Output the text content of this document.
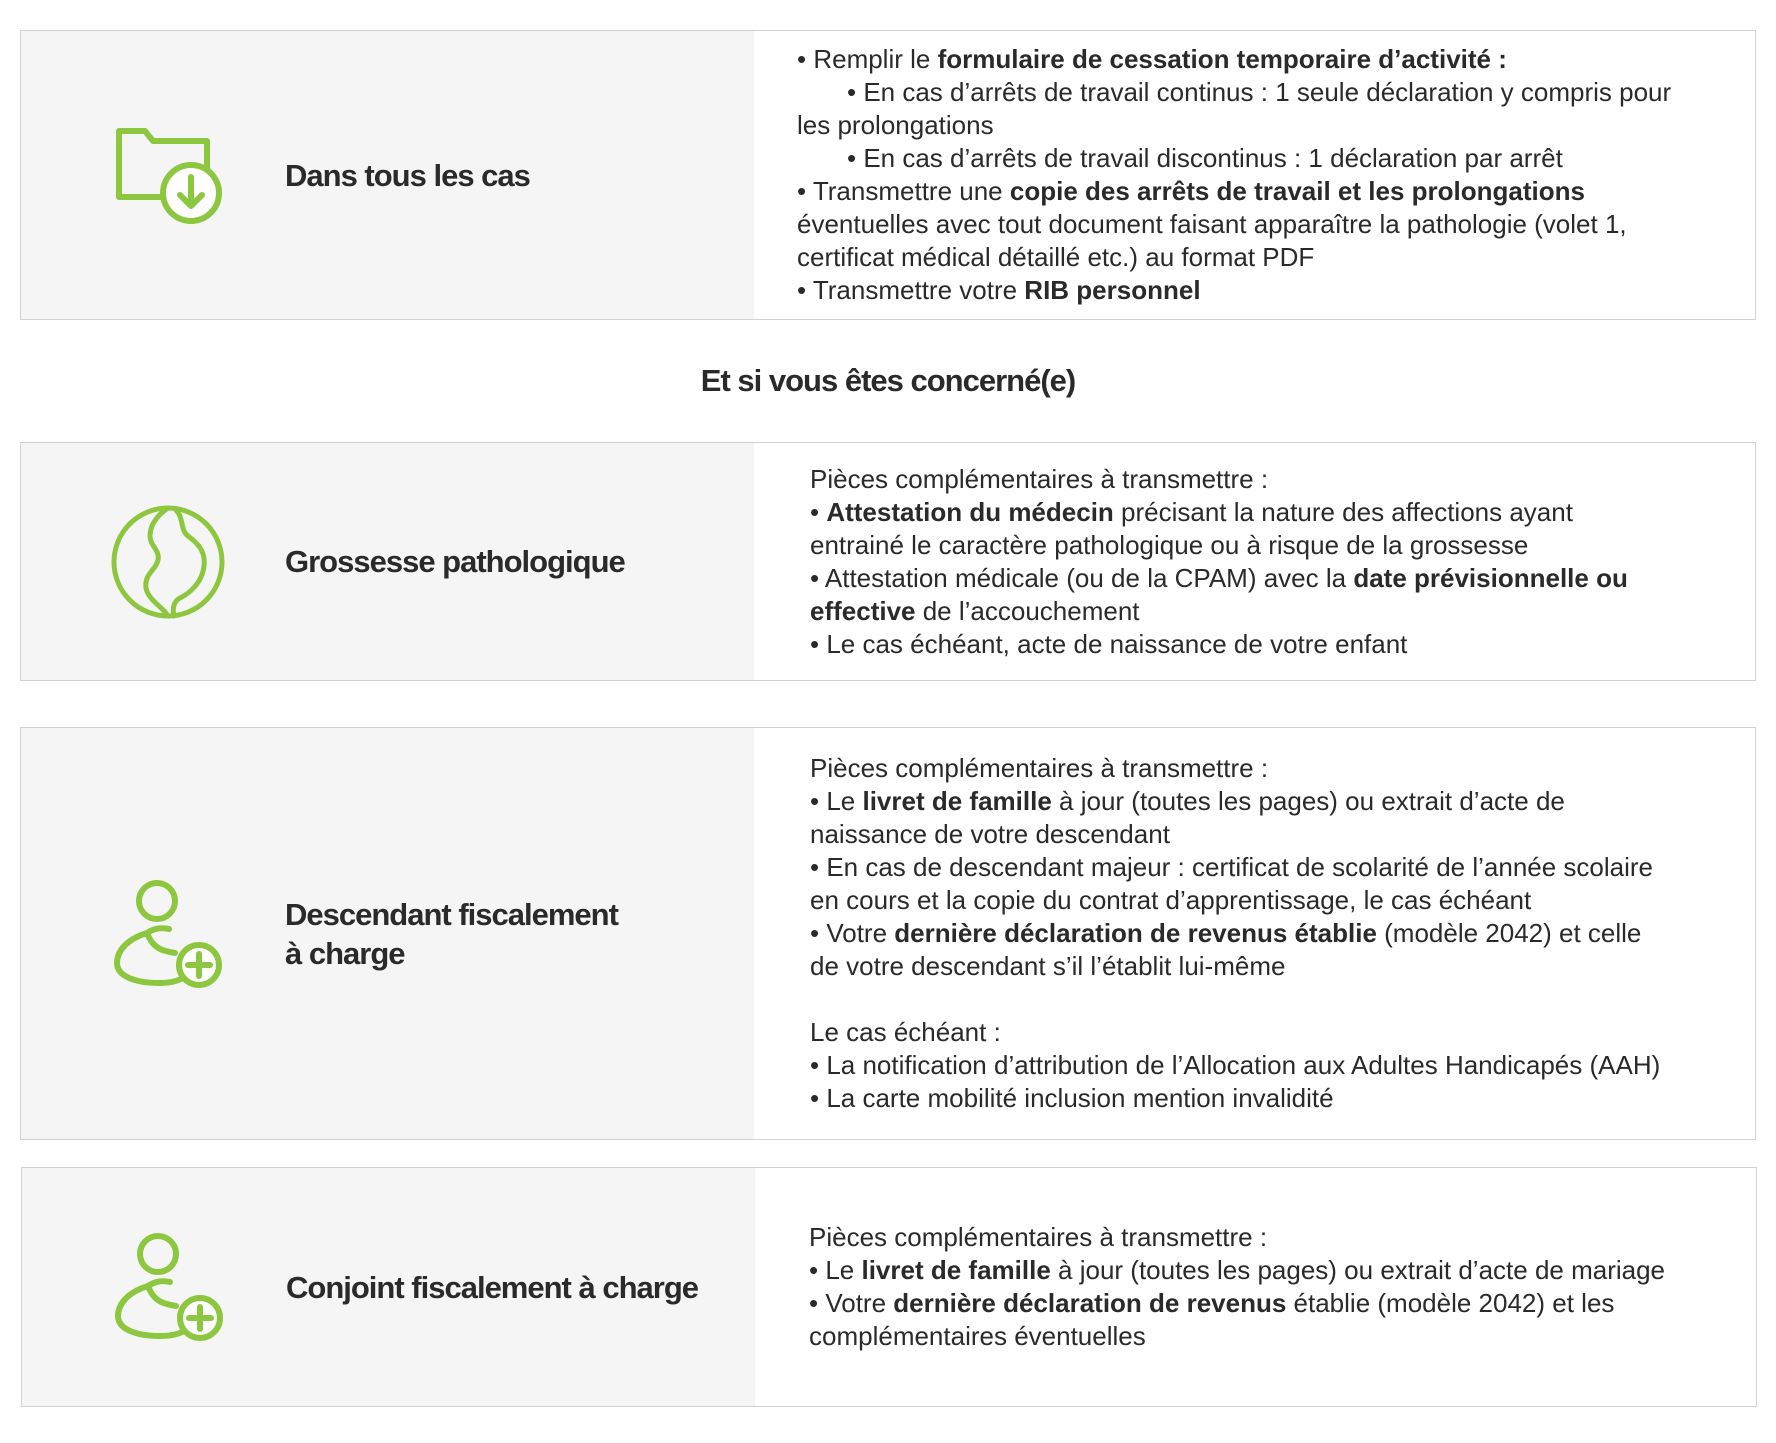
Dans tous les cas

• Remplir le formulaire de cessation temporaire d’activité :

• En cas d’arrêts de travail continus : 1 seule déclaration y compris pour

les prolongations

• En cas d’arrêts de travail discontinus : 1 déclaration par arrêt

• Transmettre une copie des arrêts de travail et les prolongations

éventuelles avec tout document faisant apparaître la pathologie (volet 1,

certificat médical détaillé etc.) au format PDF

• Transmettre votre RIB personnel

Et si vous êtes concerné(e)
Grossesse pathologique

Pièces complémentaires à transmettre :

• Attestation du médecin précisant la nature des affections ayant

entrainé le caractère pathologique ou à risque de la grossesse

• Attestation médicale (ou de la CPAM) avec la date prévisionnelle ou

effective de l’accouchement

• Le cas échéant, acte de naissance de votre enfant

Descendant fiscalement
à charge

Pièces complémentaires à transmettre :

• Le livret de famille à jour (toutes les pages) ou extrait d’acte de

naissance de votre descendant

• En cas de descendant majeur : certificat de scolarité de l’année scolaire

en cours et la copie du contrat d’apprentissage, le cas échéant

• Votre dernière déclaration de revenus établie (modèle 2042) et celle

de votre descendant s’il l’établit lui-même

Le cas échéant :

• La notification d’attribution de l’Allocation aux Adultes Handicapés (AAH)

• La carte mobilité inclusion mention invalidité

Conjoint fiscalement à charge

Pièces complémentaires à transmettre :

• Le livret de famille à jour (toutes les pages) ou extrait d’acte de mariage

• Votre dernière déclaration de revenus établie (modèle 2042) et les

complémentaires éventuelles
